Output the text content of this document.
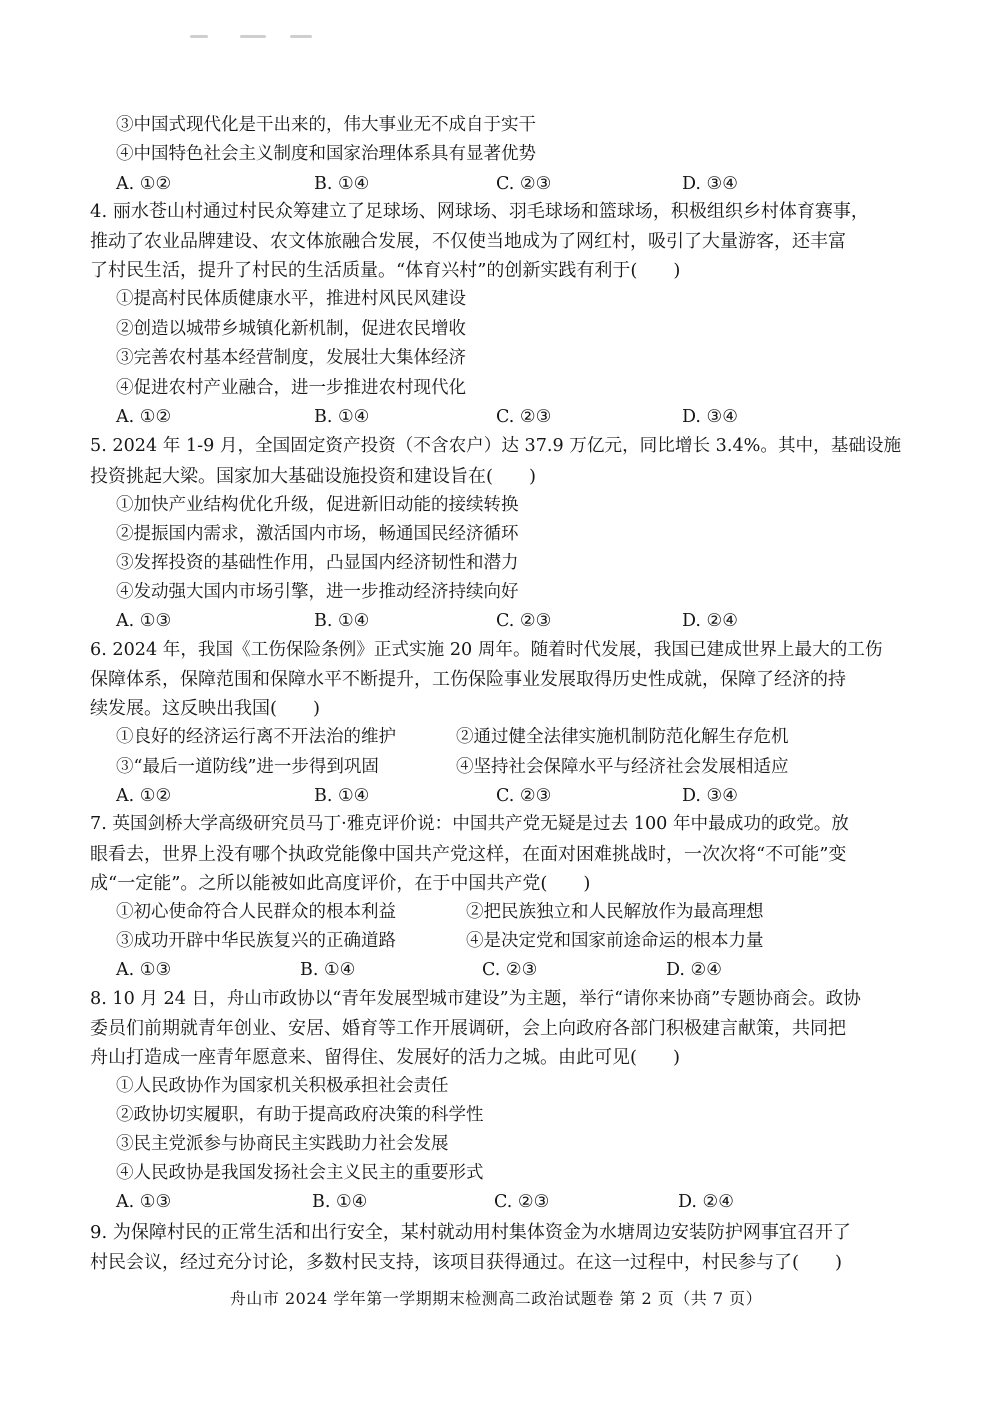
③中国式现代化是干出来的，伟大事业无不成自于实干
④中国特色社会主义制度和国家治理体系具有显著优势
A. ①②	B. ①④	C. ②③	D. ③④
4. 丽水苍山村通过村民众筹建立了足球场、网球场、羽毛球场和篮球场，积极组织乡村体育赛事，
推动了农业品牌建设、农文体旅融合发展，不仅使当地成为了网红村，吸引了大量游客，还丰富
了村民生活，提升了村民的生活质量。“体育兴村”的创新实践有利于(　　)
①提高村民体质健康水平，推进村风民风建设
②创造以城带乡城镇化新机制，促进农民增收
③完善农村基本经营制度，发展壮大集体经济
④促进农村产业融合，进一步推进农村现代化
A. ①②	B. ①④	C. ②③	D. ③④
5. 2024 年 1-9 月，全国固定资产投资（不含农户）达 37.9 万亿元，同比增长 3.4%。其中，基础设施
投资挑起大梁。国家加大基础设施投资和建设旨在(　　)
①加快产业结构优化升级，促进新旧动能的接续转换
②提振国内需求，激活国内市场，畅通国民经济循环
③发挥投资的基础性作用，凸显国内经济韧性和潜力
④发动强大国内市场引擎，进一步推动经济持续向好
A. ①③	B. ①④	C. ②③	D. ②④
6. 2024 年，我国《工伤保险条例》正式实施 20 周年。随着时代发展，我国已建成世界上最大的工伤
保障体系，保障范围和保障水平不断提升，工伤保险事业发展取得历史性成就，保障了经济的持
续发展。这反映出我国(　　)
①良好的经济运行离不开法治的维护	②通过健全法律实施机制防范化解生存危机
③“最后一道防线”进一步得到巩固	④坚持社会保障水平与经济社会发展相适应
A. ①②	B. ①④	C. ②③	D. ③④
7. 英国剑桥大学高级研究员马丁·雅克评价说：中国共产党无疑是过去 100 年中最成功的政党。放
眼看去，世界上没有哪个执政党能像中国共产党这样，在面对困难挑战时，一次次将“不可能”变
成“一定能”。之所以能被如此高度评价，在于中国共产党(　　)
①初心使命符合人民群众的根本利益	②把民族独立和人民解放作为最高理想
③成功开辟中华民族复兴的正确道路	④是决定党和国家前途命运的根本力量
A. ①③	B. ①④	C. ②③	D. ②④
8. 10 月 24 日，舟山市政协以“青年发展型城市建设”为主题，举行“请你来协商”专题协商会。政协
委员们前期就青年创业、安居、婚育等工作开展调研，会上向政府各部门积极建言献策，共同把
舟山打造成一座青年愿意来、留得住、发展好的活力之城。由此可见(　　)
①人民政协作为国家机关积极承担社会责任
②政协切实履职，有助于提高政府决策的科学性
③民主党派参与协商民主实践助力社会发展
④人民政协是我国发扬社会主义民主的重要形式
A. ①③	B. ①④	C. ②③	D. ②④
9. 为保障村民的正常生活和出行安全，某村就动用村集体资金为水塘周边安装防护网事宜召开了
村民会议，经过充分讨论，多数村民支持，该项目获得通过。在这一过程中，村民参与了(　　)
舟山市 2024 学年第一学期期末检测高二政治试题卷 第 2 页（共 7 页）
